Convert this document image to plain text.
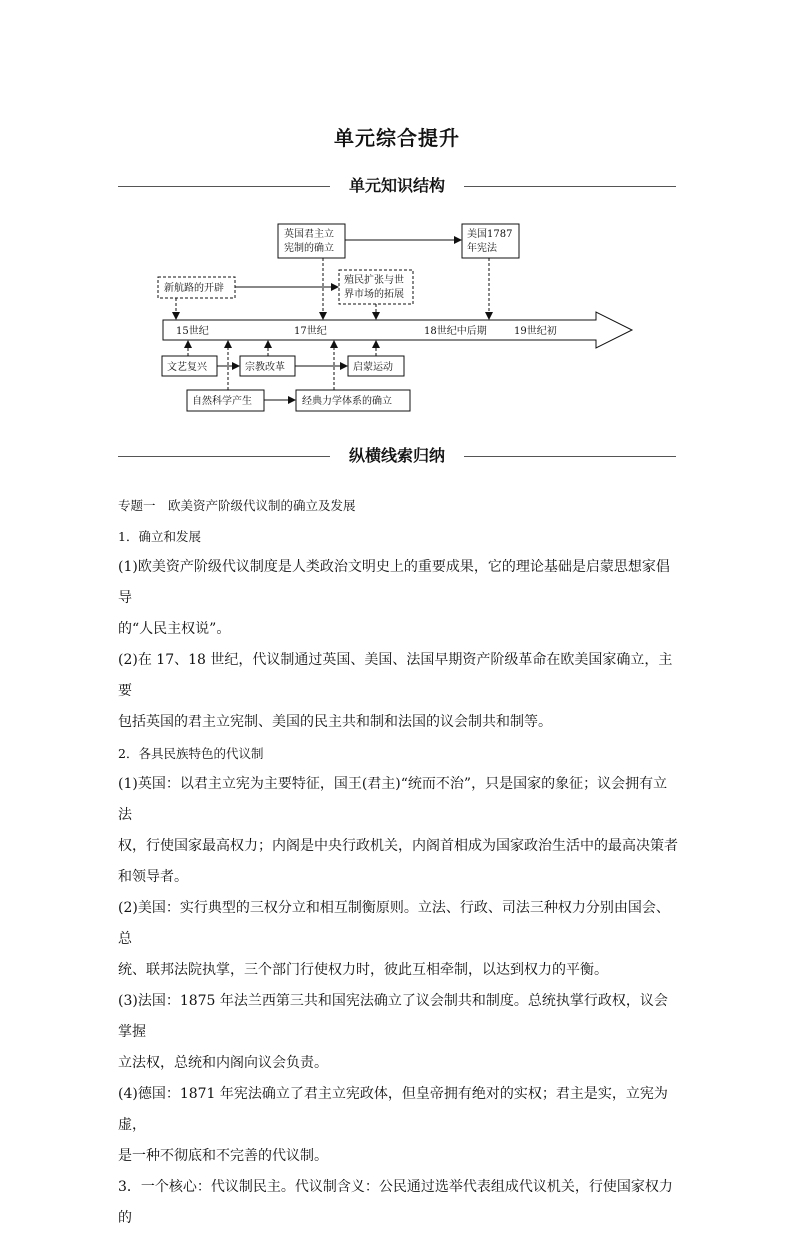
单元综合提升
单元知识结构
15世纪	17世纪	18世纪中后期	19世纪初
英国君主立
宪制的确立
美国1787
年宪法
新航路的开辟
殖民扩张与世
界市场的拓展
文艺复兴	宗教改革	启蒙运动
自然科学产生	经典力学体系的确立
纵横线索归纳

专题一　欧美资产阶级代议制的确立及发展

1．确立和发展

(1)欧美资产阶级代议制度是人类政治文明史上的重要成果，它的理论基础是启蒙思想家倡导

的“人民主权说”。

(2)在 17、18 世纪，代议制通过英国、美国、法国早期资产阶级革命在欧美国家确立，主要

包括英国的君主立宪制、美国的民主共和制和法国的议会制共和制等。

2．各具民族特色的代议制

(1)英国：以君主立宪为主要特征，国王(君主)“统而不治”，只是国家的象征；议会拥有立法

权，行使国家最高权力；内阁是中央行政机关，内阁首相成为国家政治生活中的最高决策者

和领导者。

(2)美国：实行典型的三权分立和相互制衡原则。立法、行政、司法三种权力分别由国会、总

统、联邦法院执掌，三个部门行使权力时，彼此互相牵制，以达到权力的平衡。

(3)法国：1875 年法兰西第三共和国宪法确立了议会制共和制度。总统执掌行政权，议会掌握

立法权，总统和内阁向议会负责。

(4)德国：1871 年宪法确立了君主立宪政体，但皇帝拥有绝对的实权；君主是实，立宪为虚，

是一种不彻底和不完善的代议制。

3．一个核心：代议制民主。代议制含义：公民通过选举代表组成代议机关，行使国家权力的
